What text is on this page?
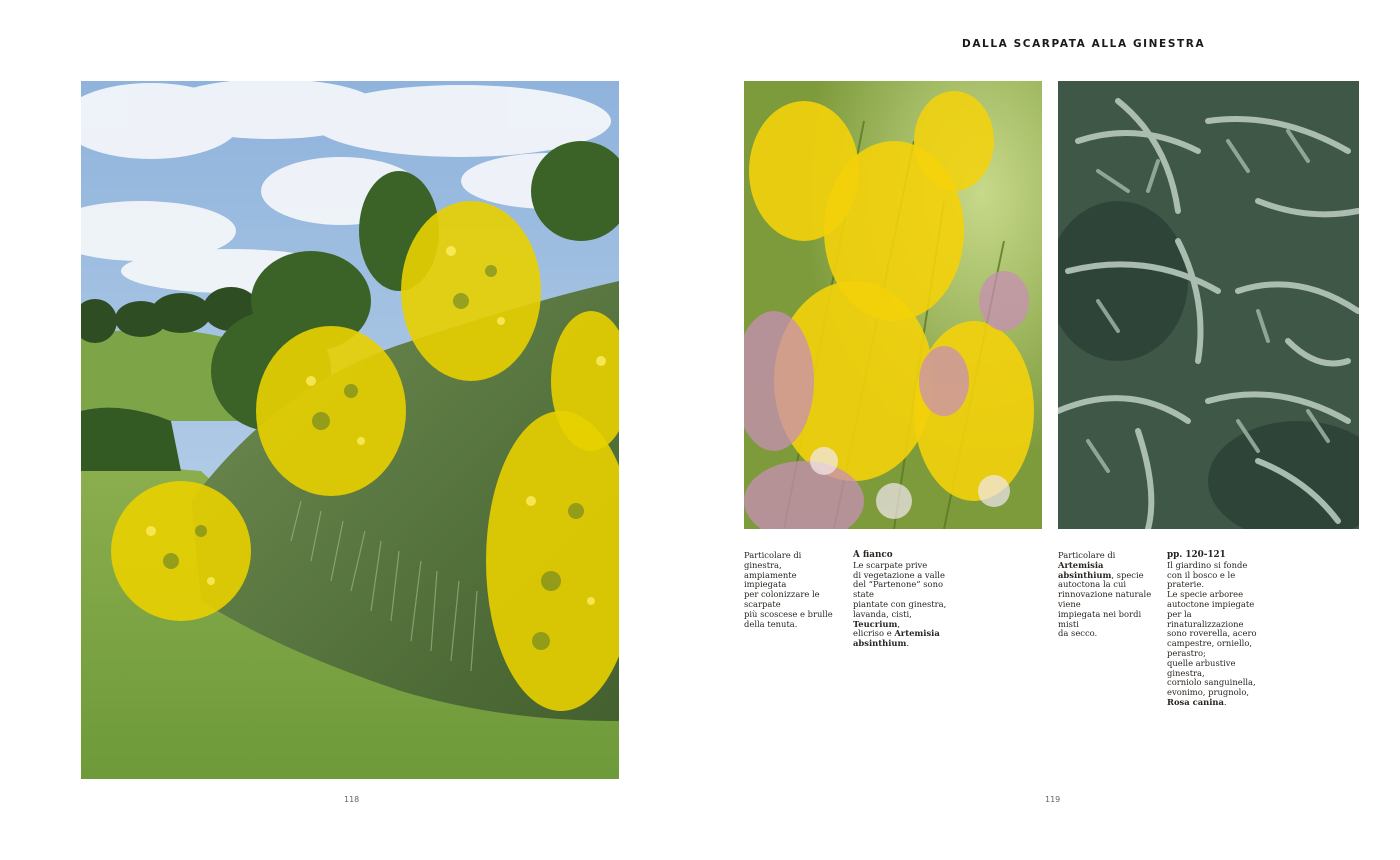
118
DALLA SCARPATA ALLA GINESTRA
Particolare di ginestra,
ampiamente impiegata
per colonizzare le scarpate
più scoscese e brulle
della tenuta.
A fianco
Le scarpate prive
di vegetazione a valle
del “Partenone” sono state
piantate con ginestra,
lavanda, cisti, Teucrium,
elicriso e Artemisia
absinthium.
Particolare di Artemisia
absinthium, specie
autoctona la cui
rinnovazione naturale viene
impiegata nei bordi misti
da secco.
pp. 120-121
Il giardino si fonde
con il bosco e le praterie.
Le specie arboree
autoctone impiegate
per la rinaturalizzazione
sono roverella, acero
campestre, orniello, perastro;
quelle arbustive ginestra,
corniolo sanguinella,
evonimo, prugnolo,
Rosa canina.
119
